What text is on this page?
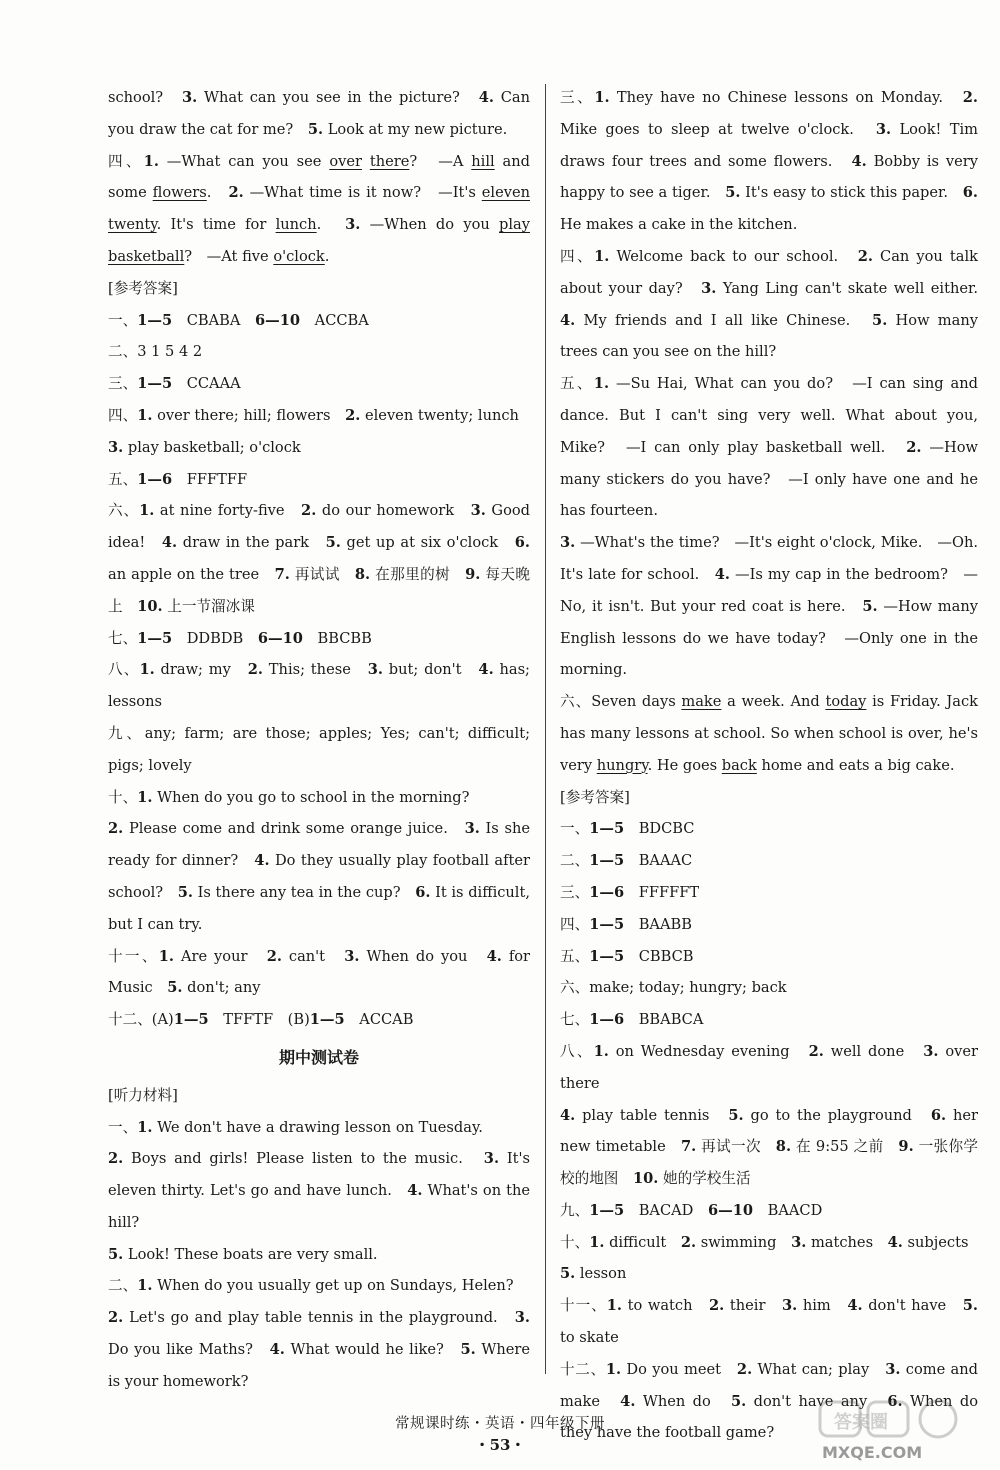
school?　3. What can you see in the picture?　4. Can you draw the cat for me?　5. Look at my new picture.

四、1. —What can you see over there?　—A hill and some flowers.　2. —What time is it now?　—It's eleven twenty. It's time for lunch.　3. —When do you play basketball?　—At five o'clock.

[参考答案]

一、1—5　CBABA　6—10　ACCBA

二、3 1 5 4 2

三、1—5　CCAAA

四、1. over there; hill; flowers　2. eleven twenty; lunch

3. play basketball; o'clock

五、1—6　FFFTFF

六、1. at nine forty-five　2. do our homework　3. Good idea!　4. draw in the park　5. get up at six o'clock　6. an apple on the tree　7. 再试试　8. 在那里的树　9. 每天晚上　10. 上一节溜冰课

七、1—5　DDBDB　6—10　BBCBB

八、1. draw; my　2. This; these　3. but; don't　4. has; lessons

九、any; farm; are those; apples; Yes; can't; difficult; pigs; lovely

十、1. When do you go to school in the morning?

2. Please come and drink some orange juice.　3. Is she ready for dinner?　4. Do they usually play football after school?　5. Is there any tea in the cup?　6. It is difficult, but I can try.

十一、1. Are your　2. can't　3. When do you　4. for Music　5. don't; any

十二、(A)1—5　TFFTF　(B)1—5　ACCAB

期中测试卷

[听力材料]

一、1. We don't have a drawing lesson on Tuesday.

2. Boys and girls! Please listen to the music.　3. It's eleven thirty. Let's go and have lunch.　4. What's on the hill?

5. Look! These boats are very small.

二、1. When do you usually get up on Sundays, Helen?

2. Let's go and play table tennis in the playground.　3. Do you like Maths?　4. What would he like?　5. Where is your homework?

三、1. They have no Chinese lessons on Monday.　2. Mike goes to sleep at twelve o'clock.　3. Look! Tim draws four trees and some flowers.　4. Bobby is very happy to see a tiger.　5. It's easy to stick this paper.　6. He makes a cake in the kitchen.

四、1. Welcome back to our school.　2. Can you talk about your day?　3. Yang Ling can't skate well either.　4. My friends and I all like Chinese.　5. How many trees can you see on the hill?

五、1. —Su Hai, What can you do?　—I can sing and dance. But I can't sing very well. What about you, Mike?　—I can only play basketball well.　2. —How many stickers do you have?　—I only have one and he has fourteen.

3. —What's the time?　—It's eight o'clock, Mike.　—Oh. It's late for school.　4. —Is my cap in the bedroom?　—No, it isn't. But your red coat is here.　5. —How many English lessons do we have today?　—Only one in the morning.

六、Seven days make a week. And today is Friday. Jack has many lessons at school. So when school is over, he's very hungry. He goes back home and eats a big cake.

[参考答案]

一、1—5　BDCBC

二、1—5　BAAAC

三、1—6　FFFFFT

四、1—5　BAABB

五、1—5　CBBCB

六、make; today; hungry; back

七、1—6　BBABCA

八、1. on Wednesday evening　2. well done　3. over there

4. play table tennis　5. go to the playground　6. her new timetable　7. 再试一次　8. 在 9:55 之前　9. 一张你学校的地图　10. 她的学校生活

九、1—5　BACAD　6—10　BAACD

十、1. difficult　2. swimming　3. matches　4. subjects

5. lesson

十一、1. to watch　2. their　3. him　4. don't have　5. to skate

十二、1. Do you meet　2. What can; play　3. come and make　4. When do　5. don't have any　6. When do they have the football game?

常规课时练・英语・四年级下册
・53・	MXQE.COM
答案圈
